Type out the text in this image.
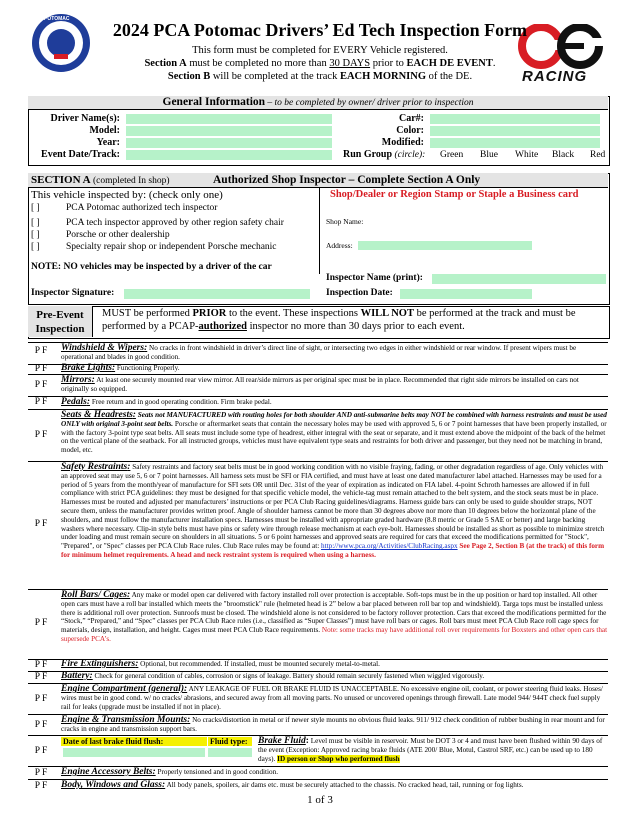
POTOMAC
RACING
2024 PCA Potomac Drivers’ Ed Tech Inspection Form
This form must be completed for EVERY Vehicle registered.
Section A must be completed no more than 30 DAYS prior to EACH DE EVENT.
Section B will be completed at the track EACH MORNING of the DE.
General Information – to be completed by owner/ driver prior to inspection
Driver Name(s):
Model:
Year:
Event Date/Track:
Car#:
Color:
Modified:
Run Group (circle): Green Blue White Black Red
SECTION A (completed In shop)	Authorized Shop Inspector – Complete Section A Only
This vehicle inspected by: (check only one)	Shop/Dealer or Region Stamp or Staple a Business card
[ ]	PCA Potomac authorized tech inspector
[ ]	PCA tech inspector approved by other region safety chair
[ ]	Porsche or other dealership
[ ]	Specialty repair shop or independent Porsche mechanic
Shop Name:
Address:
NOTE: NO vehicles may be inspected by a driver of the car
Inspector Name (print):
Inspector Signature:	Inspection Date:
Pre-Event
Inspection
MUST be performed PRIOR to the event. These inspections WILL NOT be performed at the track and must be performed by a PCAP-authorized inspector no more than 30 days prior to each event.
P F	Windshield & Wipers: No cracks in front windshield in driver’s direct line of sight, or intersecting two edges in either windshield or rear window. If present wipers must be operational and blades in good condition.
P F	Brake Lights: Functioning Properly.
P F	Mirrors: At least one securely mounted rear view mirror. All rear/side mirrors as per original spec must be in place. Recommended that right side mirrors be installed on cars not originally so equipped.
P F	Pedals: Free return and in good operating condition. Firm brake pedal.
P F
Seats & Headrests: Seats not MANUFACTURED with routing holes for both shoulder AND anti-submarine belts may NOT be combined with harness restraints and must be used ONLY with original 3-point seat belts. Porsche or aftermarket seats that contain the necessary holes may be used with approved 5, 6 or 7 point harnesses that have been properly installed, or with the factory 3-point type seat belts. All seats must include some type of headrest, either integral with the seat or separate, and it must extend above the midpoint of the back of the helmet on the vertical plane of the seatback. For all instructed groups, vehicles must have equivalent type seats and restraints for both driver and passenger, but they need not be matching in brand, model, etc.
P F
Safety Restraints: Safety restraints and factory seat belts must be in good working condition with no visible fraying, fading, or other degradation regardless of age. Only vehicles with an approved seat may use 5, 6 or 7 point harnesses. All harness sets must be SFI or FIA certified, and must have at least one dated manufacturer label attached. Harnesses may be used for a period of 5 years from the month/year of manufacture for SFI sets OR until Dec. 31st of the year of expiration as indicated on FIA label. 4-point Schroth harnesses are allowed if in full compliance with strict PCA guidelines: they must be designed for that specific vehicle model, the vehicle-tag must remain attached to the belt system, and the stock seats must be in place. Harnesses must be routed and adjusted per manufacturers’ instructions or per PCA Club Racing guidelines/diagrams. Harness guide bars can only be used to guide shoulder straps, NOT secure them, unless the manufacturer provides written proof. Angle of shoulder harness cannot be more than 30 degrees above nor more than 10 degrees below the horizontal plane of the shoulders, and must follow the manufacturer installation specs. Harnesses must be installed with appropriate graded hardware (8.8 metric or Grade 5 SAE or better) and large backing washers where necessary. Clip-in style belts must have pins or safety wire through release mechanism at each eye-bolt. Harnesses should be installed as short as possible to minimize stretch under loading and must remain secure on shoulders in all situations. 5 or 6 point harnesses and approved seats are required for cars that exceed the modifications permitted for "Stock", "Prepared", or "Spec" classes per PCA Club Race rules. Club Race rules may be found at: http://www.pca.org/Activities/ClubRacing.aspx See Page 2, Section B (at the track) of this form for minimum helmet requirements. A head and neck restraint system is required when using a harness.
P F
Roll Bars/ Cages: Any make or model open car delivered with factory installed roll over protection is acceptable. Soft-tops must be in the up position or hard top installed. All other open cars must have a roll bar installed which meets the "broomstick" rule (helmeted head is 2” below a bar placed between roll bar top and windshield). Targa tops must be installed unless there is additional roll over protection. Sunroofs must be closed. The windshield alone is not considered to be factory rollover protection. Cars that exceed the modifications permitted for the “Stock,” “Prepared,” and “Spec” classes per PCA Club Race rules (i.e., classified as “Super Classes”) must have roll bars or cages. Roll bars must meet PCA Club Race roll cage specs for materials, design, installation, and height. Cages must meet PCA Club Race requirements. Note: some tracks may have additional roll over requirements for Boxsters and other open cars that supersede PCA’s.
P F	Fire Extinguishers: Optional, but recommended. If installed, must be mounted securely metal-to-metal.
P F	Battery: Check for general condition of cables, corrosion or signs of leakage. Battery should remain securely fastened when wiggled vigorously.
P F
Engine Compartment (general): ANY LEAKAGE OF FUEL OR BRAKE FLUID IS UNACCEPTABLE. No excessive engine oil, coolant, or power steering fluid leaks. Hoses/ wires must be in good cond. w/ no cracks/ abrasions, and secured away from all moving parts. No unused or uncovered openings through firewall. Late model 944/ 944T check fuel supply rail for leaks (upgrade must be installed if not in place).
P F	Engine & Transmission Mounts: No cracks/distortion in metal or if newer style mounts no obvious fluid leaks. 911/ 912 check condition of rubber bushing in rear mount and for cracks in engine and transmission support bars.
P F
Date of last brake fluid flush:	Fluid type:	Brake Fluid: Level must be visible in reservoir. Must be DOT 3 or 4 and must have been flushed within 90 days of the event (Exception: Approved racing brake fluids (ATE 200/ Blue, Motul, Castrol SRF, etc.) can be used up to 180 days). ID person or Shop who performed flush
P F	Engine Accessory Belts: Properly tensioned and in good condition.
P F	Body, Windows and Glass: All body panels, spoilers, air dams etc. must be securely attached to the chassis. No cracked head, tail, running or fog lights.
1 of 3
